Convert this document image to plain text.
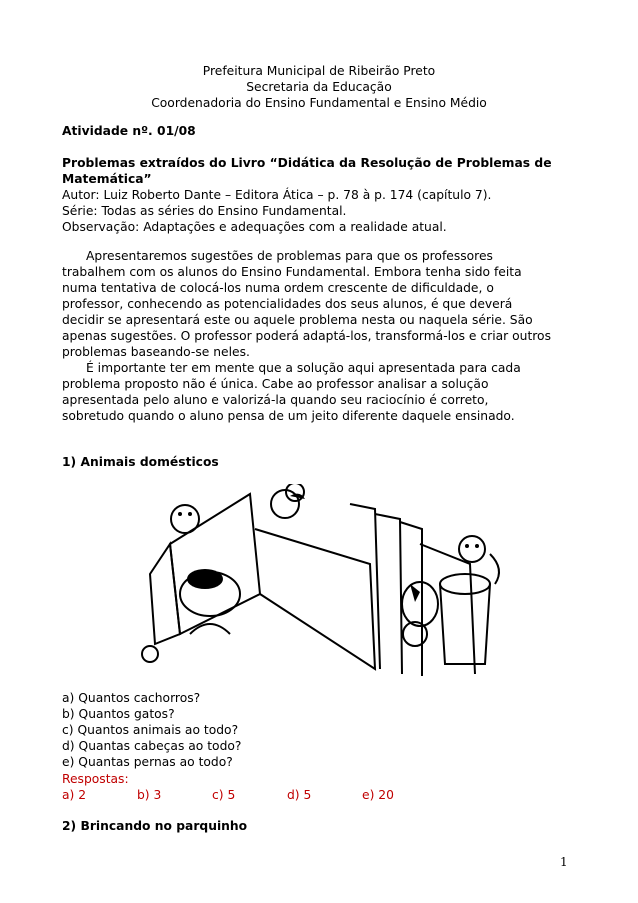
Prefeitura Municipal de Ribeirão Preto
Secretaria da Educação
Coordenadoria do Ensino Fundamental e Ensino Médio
Atividade nº. 01/08
Problemas extraídos do Livro “Didática da Resolução de Problemas de
Matemática”
Autor: Luiz Roberto Dante – Editora Ática – p. 78 à p. 174 (capítulo 7).
Série: Todas as séries do Ensino Fundamental.
Observação: Adaptações e adequações com a realidade atual.
Apresentaremos sugestões de problemas para que os professores
trabalhem com os alunos do Ensino Fundamental. Embora tenha sido feita
numa tentativa de colocá-los numa ordem crescente de dificuldade, o
professor, conhecendo as potencialidades dos seus alunos, é que deverá
decidir se apresentará este ou aquele problema nesta ou naquela série. São
apenas sugestões. O professor poderá adaptá-los, transformá-los e criar outros
problemas baseando-se neles.
É importante ter em mente que a solução aqui apresentada para cada
problema proposto não é única. Cabe ao professor analisar a solução
apresentada pelo aluno e valorizá-la quando seu raciocínio é correto,
sobretudo quando o aluno pensa de um jeito diferente daquele ensinado.
1) Animais domésticos
a) Quantos cachorros?
b) Quantos gatos?
c) Quantos animais ao todo?
d) Quantas cabeças ao todo?
e) Quantas pernas ao todo?
Respostas:
a) 2	b) 3	c) 5	d) 5	e) 20
2) Brincando no parquinho
1
